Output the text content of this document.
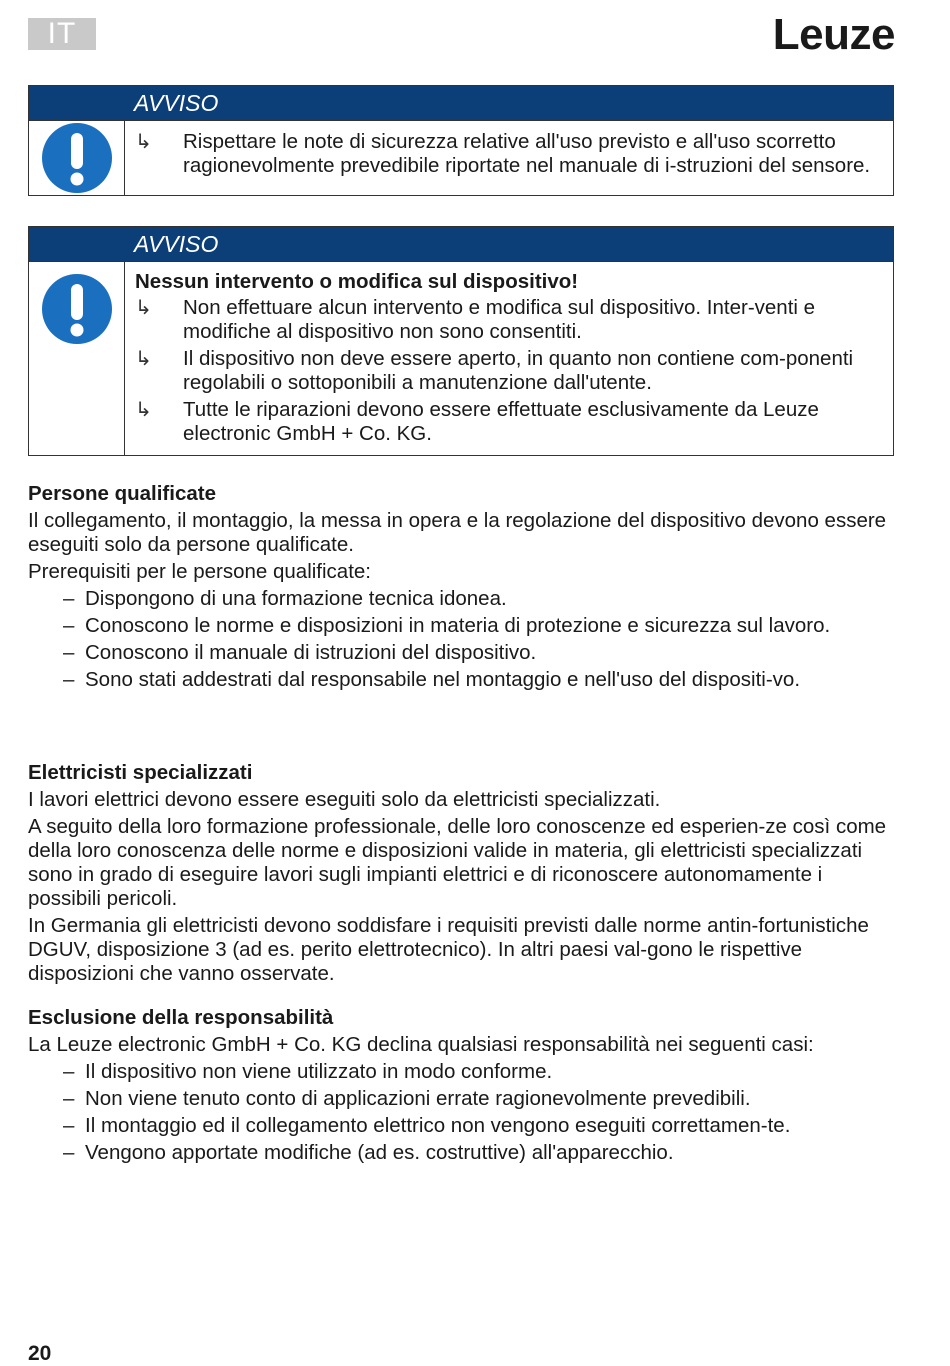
IT	Leuze
AVVISO
↳	Rispettare le note di sicurezza relative all'uso previsto e all'uso scorretto ragionevolmente prevedibile riportate nel manuale di i-struzioni del sensore.
AVVISO
Nessun intervento o modifica sul dispositivo!
↳	Non effettuare alcun intervento e modifica sul dispositivo. Inter-venti e modifiche al dispositivo non sono consentiti.
↳	Il dispositivo non deve essere aperto, in quanto non contiene com-ponenti regolabili o sottoponibili a manutenzione dall'utente.
↳	Tutte le riparazioni devono essere effettuate esclusivamente da Leuze electronic GmbH + Co. KG.
Persone qualificate
Il collegamento, il montaggio, la messa in opera e la regolazione del dispositivo devono essere eseguiti solo da persone qualificate.
Prerequisiti per le persone qualificate:
– Dispongono di una formazione tecnica idonea.
– Conoscono le norme e disposizioni in materia di protezione e sicurezza sul lavoro.
– Conoscono il manuale di istruzioni del dispositivo.
– Sono stati addestrati dal responsabile nel montaggio e nell'uso del dispositi-vo.
Elettricisti specializzati
I lavori elettrici devono essere eseguiti solo da elettricisti specializzati.
A seguito della loro formazione professionale, delle loro conoscenze ed esperien-ze così come della loro conoscenza delle norme e disposizioni valide in materia, gli elettricisti specializzati sono in grado di eseguire lavori sugli impianti elettrici e di riconoscere autonomamente i possibili pericoli.
In Germania gli elettricisti devono soddisfare i requisiti previsti dalle norme antin-fortunistiche DGUV, disposizione 3 (ad es. perito elettrotecnico). In altri paesi val-gono le rispettive disposizioni che vanno osservate.
Esclusione della responsabilità
La Leuze electronic GmbH + Co. KG declina qualsiasi responsabilità nei seguenti casi:
– Il dispositivo non viene utilizzato in modo conforme.
– Non viene tenuto conto di applicazioni errate ragionevolmente prevedibili.
– Il montaggio ed il collegamento elettrico non vengono eseguiti correttamen-te.
– Vengono apportate modifiche (ad es. costruttive) all'apparecchio.
20
